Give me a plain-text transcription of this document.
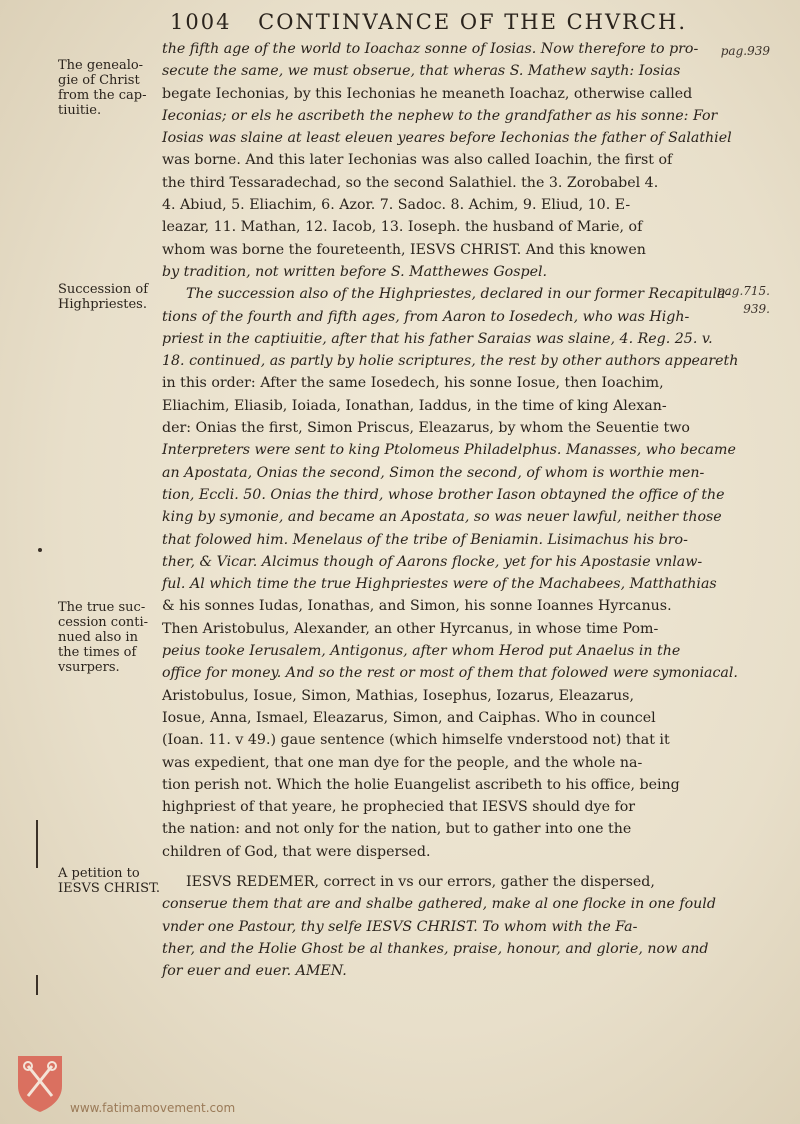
1004 CONTINVANCE OF THE CHVRCH.
The genealo-gie of Christ from the cap-tiuitie.
Succession of Highpriestes.
The true suc-cession conti-nued also in the times of vsurpers.
A petition to IESVS CHRIST.
pag.939
pag.715.
939.
the fifth age of the world to Ioachaz sonne of Iosias. Now therefore to pro-
secute the same, we must obserue, that wheras S. Mathew sayth: Iosias
begate Iechonias, by this Iechonias he meaneth Ioachaz, otherwise called
Ieconias; or els he ascribeth the nephew to the grandfather as his sonne: For
Iosias was slaine at least eleuen yeares before Iechonias the father of Salathiel
was borne. And this later Iechonias was also called Ioachin, the first of
the third Tessaradechad, so the second Salathiel. the 3. Zorobabel 4.
4. Abiud, 5. Eliachim, 6. Azor. 7. Sadoc. 8. Achim, 9. Eliud, 10. E-
leazar, 11. Mathan, 12. Iacob, 13. Ioseph. the husband of Marie, of
whom was borne the foureteenth, IESVS CHRIST. And this knowen
by tradition, not written before S. Matthewes Gospel.
The succession also of the Highpriestes, declared in our former Recapitula-
tions of the fourth and fifth ages, from Aaron to Iosedech, who was High-
priest in the captiuitie, after that his father Saraias was slaine, 4. Reg. 25. v.
18. continued, as partly by holie scriptures, the rest by other authors appeareth
in this order: After the same Iosedech, his sonne Iosue, then Ioachim,
Eliachim, Eliasib, Ioiada, Ionathan, Iaddus, in the time of king Alexan-
der: Onias the first, Simon Priscus, Eleazarus, by whom the Seuentie two
Interpreters were sent to king Ptolomeus Philadelphus. Manasses, who became
an Apostata, Onias the second, Simon the second, of whom is worthie men-
tion, Eccli. 50. Onias the third, whose brother Iason obtayned the office of the
king by symonie, and became an Apostata, so was neuer lawful, neither those
that folowed him. Menelaus of the tribe of Beniamin. Lisimachus his bro-
ther, & Vicar. Alcimus though of Aarons flocke, yet for his Apostasie vnlaw-
ful. Al which time the true Highpriestes were of the Machabees, Matthathias
& his sonnes Iudas, Ionathas, and Simon, his sonne Ioannes Hyrcanus.
Then Aristobulus, Alexander, an other Hyrcanus, in whose time Pom-
peius tooke Ierusalem, Antigonus, after whom Herod put Anaelus in the
office for money. And so the rest or most of them that folowed were symoniacal.
Aristobulus, Iosue, Simon, Mathias, Iosephus, Iozarus, Eleazarus,
Iosue, Anna, Ismael, Eleazarus, Simon, and Caiphas. Who in councel
(Ioan. 11. v 49.) gaue sentence (which himselfe vnderstood not) that it
was expedient, that one man dye for the people, and the whole na-
tion perish not. Which the holie Euangelist ascribeth to his office, being
highpriest of that yeare, he prophecied that IESVS should dye for
the nation: and not only for the nation, but to gather into one the
children of God, that were dispersed.
IESVS REDEMER, correct in vs our errors, gather the dispersed,
conserue them that are and shalbe gathered, make al one flocke in one fould
vnder one Pastour, thy selfe IESVS CHRIST. To whom with the Fa-
ther, and the Holie Ghost be al thankes, praise, honour, and glorie, now and
for euer and euer. AMEN.
www.fatimamovement.com
